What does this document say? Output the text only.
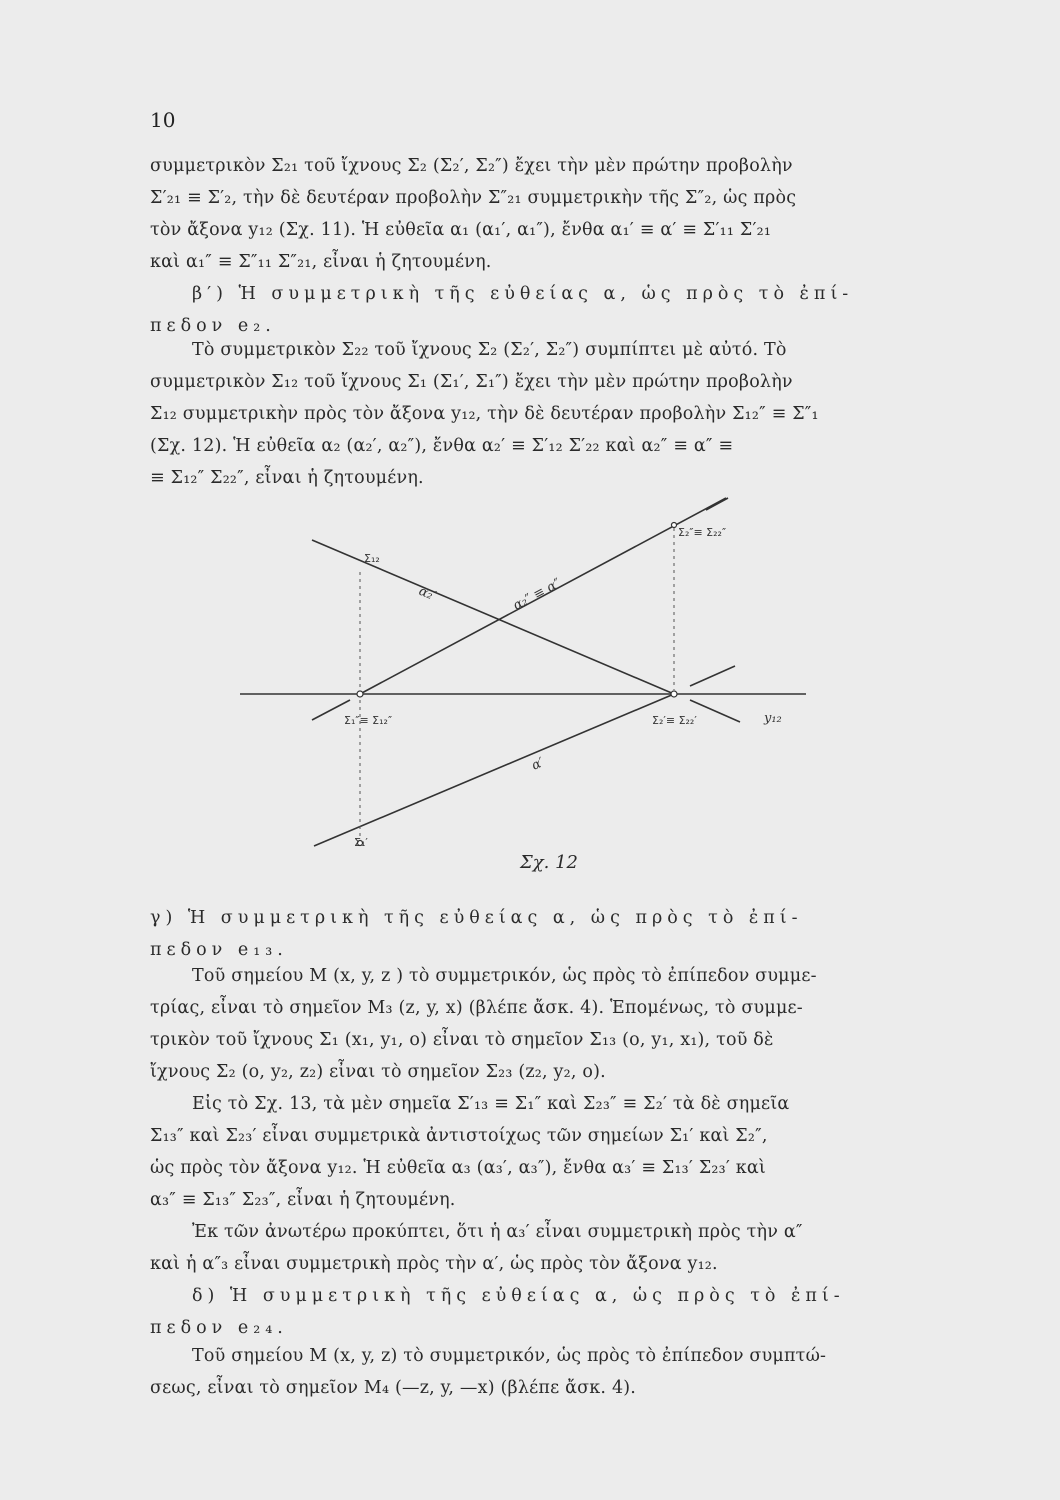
10
συμμετρικὸν Σ₂₁ τοῦ ἴχνους Σ₂ (Σ₂′, Σ₂″) ἔχει τὴν μὲν πρώτην προβολὴν
Σ′₂₁ ≡ Σ′₂, τὴν δὲ δευτέραν προβολὴν Σ″₂₁ συμμετρικὴν τῆς Σ″₂, ὡς πρὸς
τὸν ἄξονα y₁₂ (Σχ. 11). Ἡ εὐθεῖα α₁ (α₁′, α₁″), ἔνθα α₁′ ≡ α′ ≡ Σ′₁₁ Σ′₂₁
καὶ α₁″ ≡ Σ″₁₁ Σ″₂₁, εἶναι ἡ ζητουμένη.
β′) Ἡ συμμετρικὴ τῆς εὐθείας α, ὡς πρὸς τὸ ἐπί-
πεδον e₂.
Τὸ συμμετρικὸν Σ₂₂ τοῦ ἴχνους Σ₂ (Σ₂′, Σ₂″) συμπίπτει μὲ αὐτό. Τὸ
συμμετρικὸν Σ₁₂ τοῦ ἴχνους Σ₁ (Σ₁′, Σ₁″) ἔχει τὴν μὲν πρώτην προβολὴν
Σ₁₂ συμμετρικὴν πρὸς τὸν ἄξονα y₁₂, τὴν δὲ δευτέραν προβολὴν Σ₁₂″ ≡ Σ″₁
(Σχ. 12). Ἡ εὐθεῖα α₂ (α₂′, α₂″), ἔνθα α₂′ ≡ Σ′₁₂ Σ′₂₂ καὶ α₂″ ≡ α″ ≡
≡ Σ₁₂″ Σ₂₂″, εἶναι ἡ ζητουμένη.
Σ₁₂
α₂′	α₂″ ≡ α″
Σ₂″≡ Σ₂₂″
Σ₁″≡ Σ₁₂″	Σ₂′≡ Σ₂₂′	y₁₂
α′
Σ₁′
Σχ. 12
γ) Ἡ συμμετρικὴ τῆς εὐθείας α, ὡς πρὸς τὸ ἐπί-
πεδον e₁₃.
Τοῦ σημείου Μ (x, y, z ) τὸ συμμετρικόν, ὡς πρὸς τὸ ἐπίπεδον συμμε-
τρίας, εἶναι τὸ σημεῖον Μ₃ (z, y, x) (βλέπε ἄσκ. 4). Ἑπομένως, τὸ συμμε-
τρικὸν τοῦ ἴχνους Σ₁ (x₁, y₁, o) εἶναι τὸ σημεῖον Σ₁₃ (o, y₁, x₁), τοῦ δὲ
ἴχνους Σ₂ (o, y₂, z₂) εἶναι τὸ σημεῖον Σ₂₃ (z₂, y₂, o).
Εἰς τὸ Σχ. 13, τὰ μὲν σημεῖα Σ′₁₃ ≡ Σ₁″ καὶ Σ₂₃″ ≡ Σ₂′ τὰ δὲ σημεῖα
Σ₁₃″ καὶ Σ₂₃′ εἶναι συμμετρικὰ ἀντιστοίχως τῶν σημείων Σ₁′ καὶ Σ₂″,
ὡς πρὸς τὸν ἄξονα y₁₂. Ἡ εὐθεῖα α₃ (α₃′, α₃″), ἔνθα α₃′ ≡ Σ₁₃′ Σ₂₃′ καὶ
α₃″ ≡ Σ₁₃″ Σ₂₃″, εἶναι ἡ ζητουμένη.
Ἐκ τῶν ἀνωτέρω προκύπτει, ὅτι ἡ α₃′ εἶναι συμμετρικὴ πρὸς τὴν α″
καὶ ἡ α″₃ εἶναι συμμετρικὴ πρὸς τὴν α′, ὡς πρὸς τὸν ἄξονα y₁₂.
δ) Ἡ συμμετρικὴ τῆς εὐθείας α, ὡς πρὸς τὸ ἐπί-
πεδον e₂₄.
Τοῦ σημείου Μ (x, y, z) τὸ συμμετρικόν, ὡς πρὸς τὸ ἐπίπεδον συμπτώ-
σεως, εἶναι τὸ σημεῖον Μ₄ (—z, y, —x) (βλέπε ἄσκ. 4).
